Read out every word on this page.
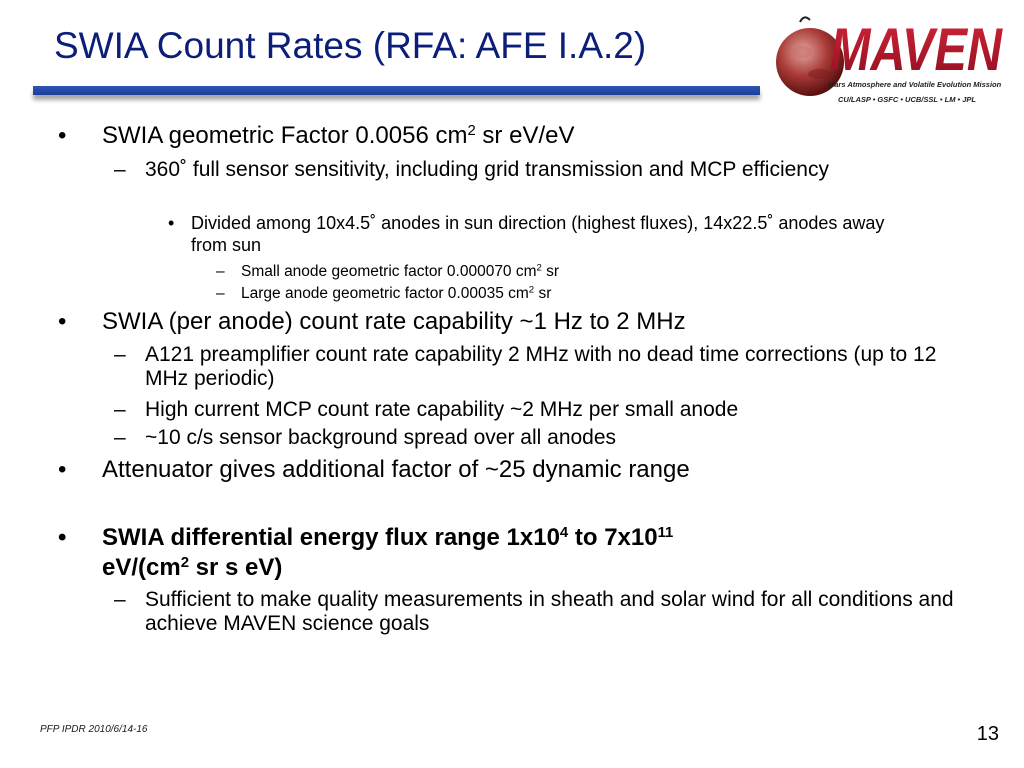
SWIA Count Rates (RFA: AFE I.A.2)	MAVEN
Mars Atmosphere and Volatile Evolution Mission
CU/LASP • GSFC • UCB/SSL • LM • JPL
•	SWIA geometric Factor 0.0056 $cm^2$ sr eV/eV
– 360˚ full sensor sensitivity, including grid transmission and MCP efficiency
• Divided among 10x4.5˚ anodes in sun direction (highest fluxes), 14x22.5˚ anodes away from sun
–	Small anode geometric factor 0.000070 $cm^2$ sr
–	Large anode geometric factor 0.00035 $cm^2$ sr
•	SWIA (per anode) count rate capability ~1 Hz to 2 MHz
– A121 preamplifier count rate capability 2 MHz with no dead time corrections (up to 12 MHz periodic)
– High current MCP count rate capability ~2 MHz per small anode
– ~10 c/s sensor background spread over all anodes
•	Attenuator gives additional factor of ~25 dynamic range
•	SWIA differential energy flux range $1x10^4$ to $7x10^{11}$
$eV/(cm^2$ sr s eV)
– Sufficient to make quality measurements in sheath and solar wind for all conditions and achieve MAVEN science goals
PFP IPDR 2010/6/14-16	13
